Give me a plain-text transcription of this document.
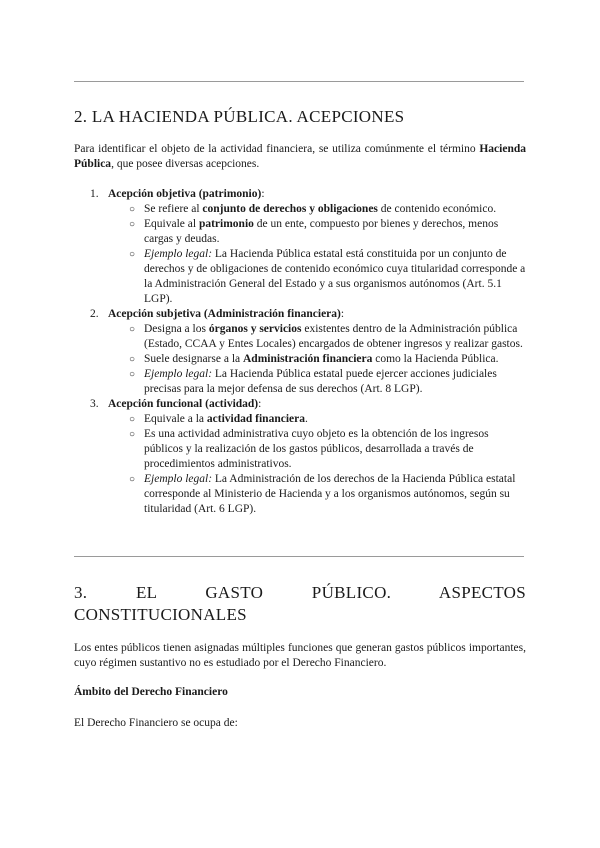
2. LA HACIENDA PÚBLICA. ACEPCIONES

Para identificar el objeto de la actividad financiera, se utiliza comúnmente el término Hacienda Pública, que posee diversas acepciones.

1. Acepción objetiva (patrimonio):
○ Se refiere al conjunto de derechos y obligaciones de contenido económico.
○ Equivale al patrimonio de un ente, compuesto por bienes y derechos, menos cargas y deudas.
○ Ejemplo legal: La Hacienda Pública estatal está constituida por un conjunto de derechos y de obligaciones de contenido económico cuya titularidad corresponde a la Administración General del Estado y a sus organismos autónomos (Art. 5.1 LGP).
2. Acepción subjetiva (Administración financiera):
○ Designa a los órganos y servicios existentes dentro de la Administración pública (Estado, CCAA y Entes Locales) encargados de obtener ingresos y realizar gastos.
○ Suele designarse a la Administración financiera como la Hacienda Pública.
○ Ejemplo legal: La Hacienda Pública estatal puede ejercer acciones judiciales precisas para la mejor defensa de sus derechos (Art. 8 LGP).
3. Acepción funcional (actividad):
○ Equivale a la actividad financiera.
○ Es una actividad administrativa cuyo objeto es la obtención de los ingresos públicos y la realización de los gastos públicos, desarrollada a través de procedimientos administrativos.
○ Ejemplo legal: La Administración de los derechos de la Hacienda Pública estatal corresponde al Ministerio de Hacienda y a los organismos autónomos, según su titularidad (Art. 6 LGP).
3. EL GASTO PÚBLICO. ASPECTOS
CONSTITUCIONALES

Los entes públicos tienen asignadas múltiples funciones que generan gastos públicos importantes, cuyo régimen sustantivo no es estudiado por el Derecho Financiero.

Ámbito del Derecho Financiero

El Derecho Financiero se ocupa de:
